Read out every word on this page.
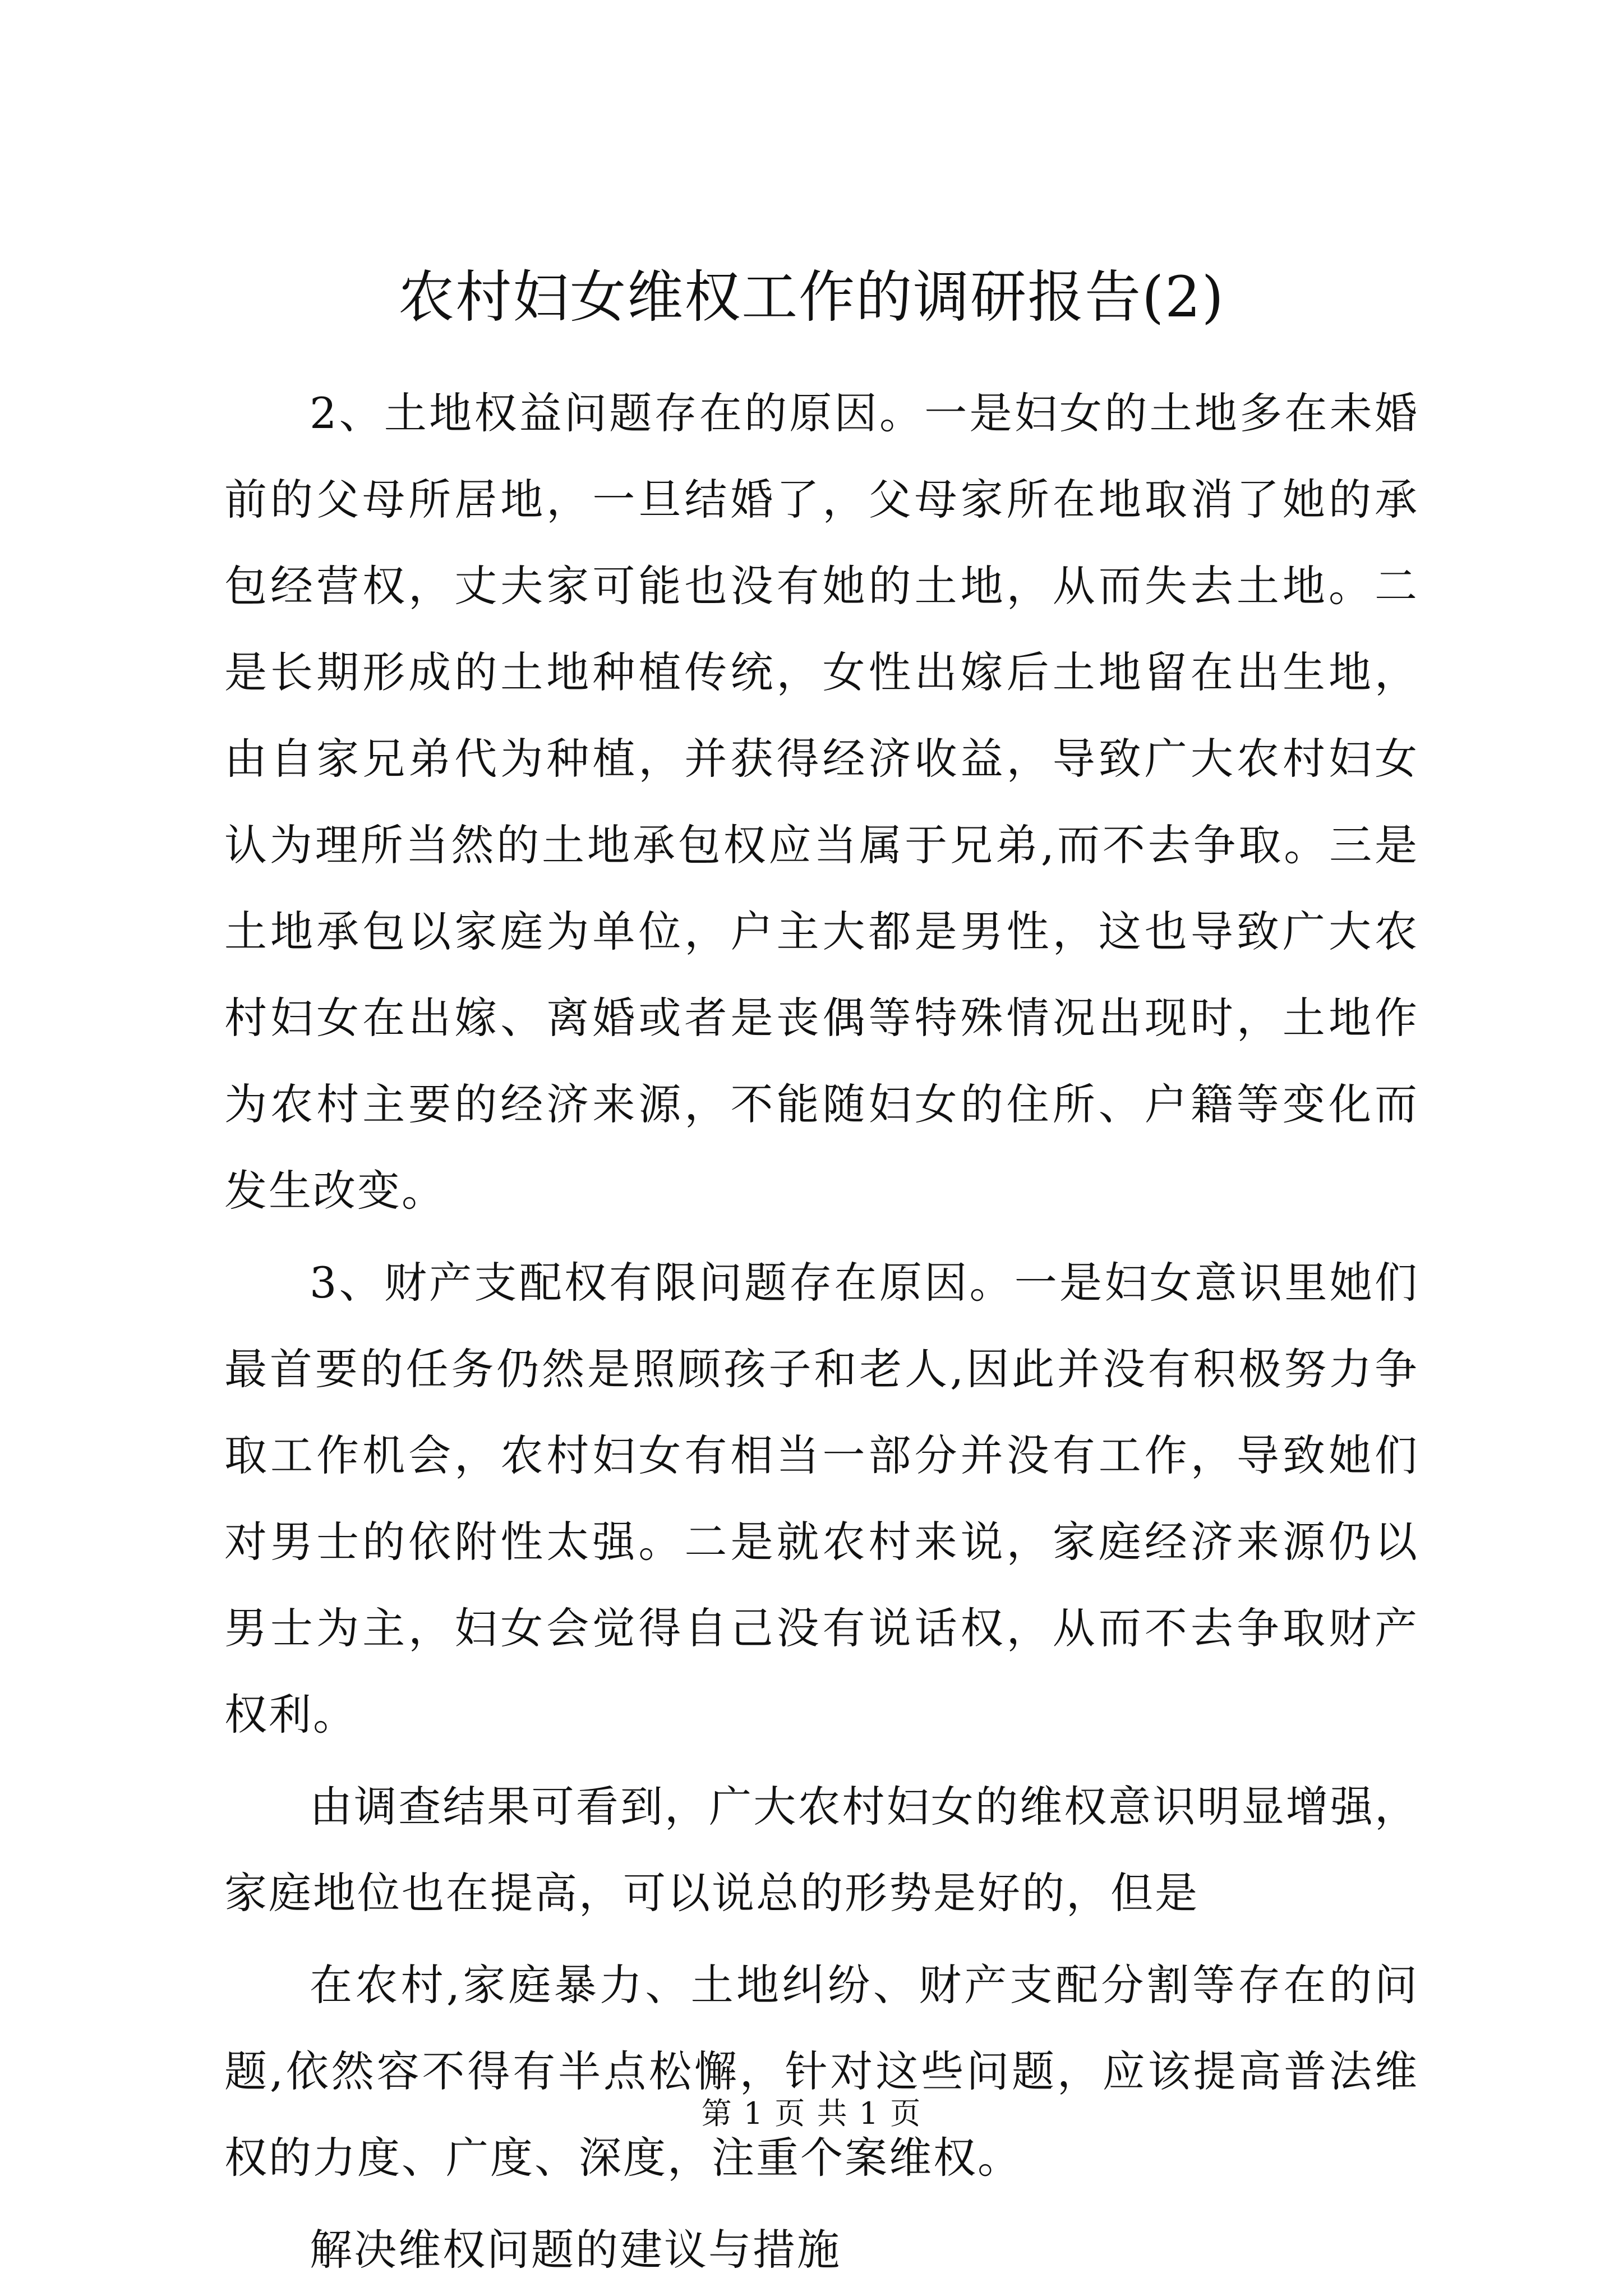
农村妇女维权工作的调研报告(2)

2、土地权益问题存在的原因。一是妇女的土地多在未婚前的父母所居地，一旦结婚了，父母家所在地取消了她的承包经营权，丈夫家可能也没有她的土地，从而失去土地。二是长期形成的土地种植传统，女性出嫁后土地留在出生地，由自家兄弟代为种植，并获得经济收益，导致广大农村妇女认为理所当然的土地承包权应当属于兄弟,而不去争取。三是土地承包以家庭为单位，户主大都是男性，这也导致广大农村妇女在出嫁、离婚或者是丧偶等特殊情况出现时，土地作为农村主要的经济来源，不能随妇女的住所、户籍等变化而发生改变。

3、财产支配权有限问题存在原因。一是妇女意识里她们最首要的任务仍然是照顾孩子和老人,因此并没有积极努力争取工作机会，农村妇女有相当一部分并没有工作，导致她们对男士的依附性太强。二是就农村来说，家庭经济来源仍以男士为主，妇女会觉得自己没有说话权，从而不去争取财产权利。

由调查结果可看到，广大农村妇女的维权意识明显增强，家庭地位也在提高，可以说总的形势是好的，但是

在农村,家庭暴力、土地纠纷、财产支配分割等存在的问题,依然容不得有半点松懈，针对这些问题，应该提高普法维权的力度、广度、深度，注重个案维权。

解决维权问题的建议与措施

第 1 页 共 1 页
